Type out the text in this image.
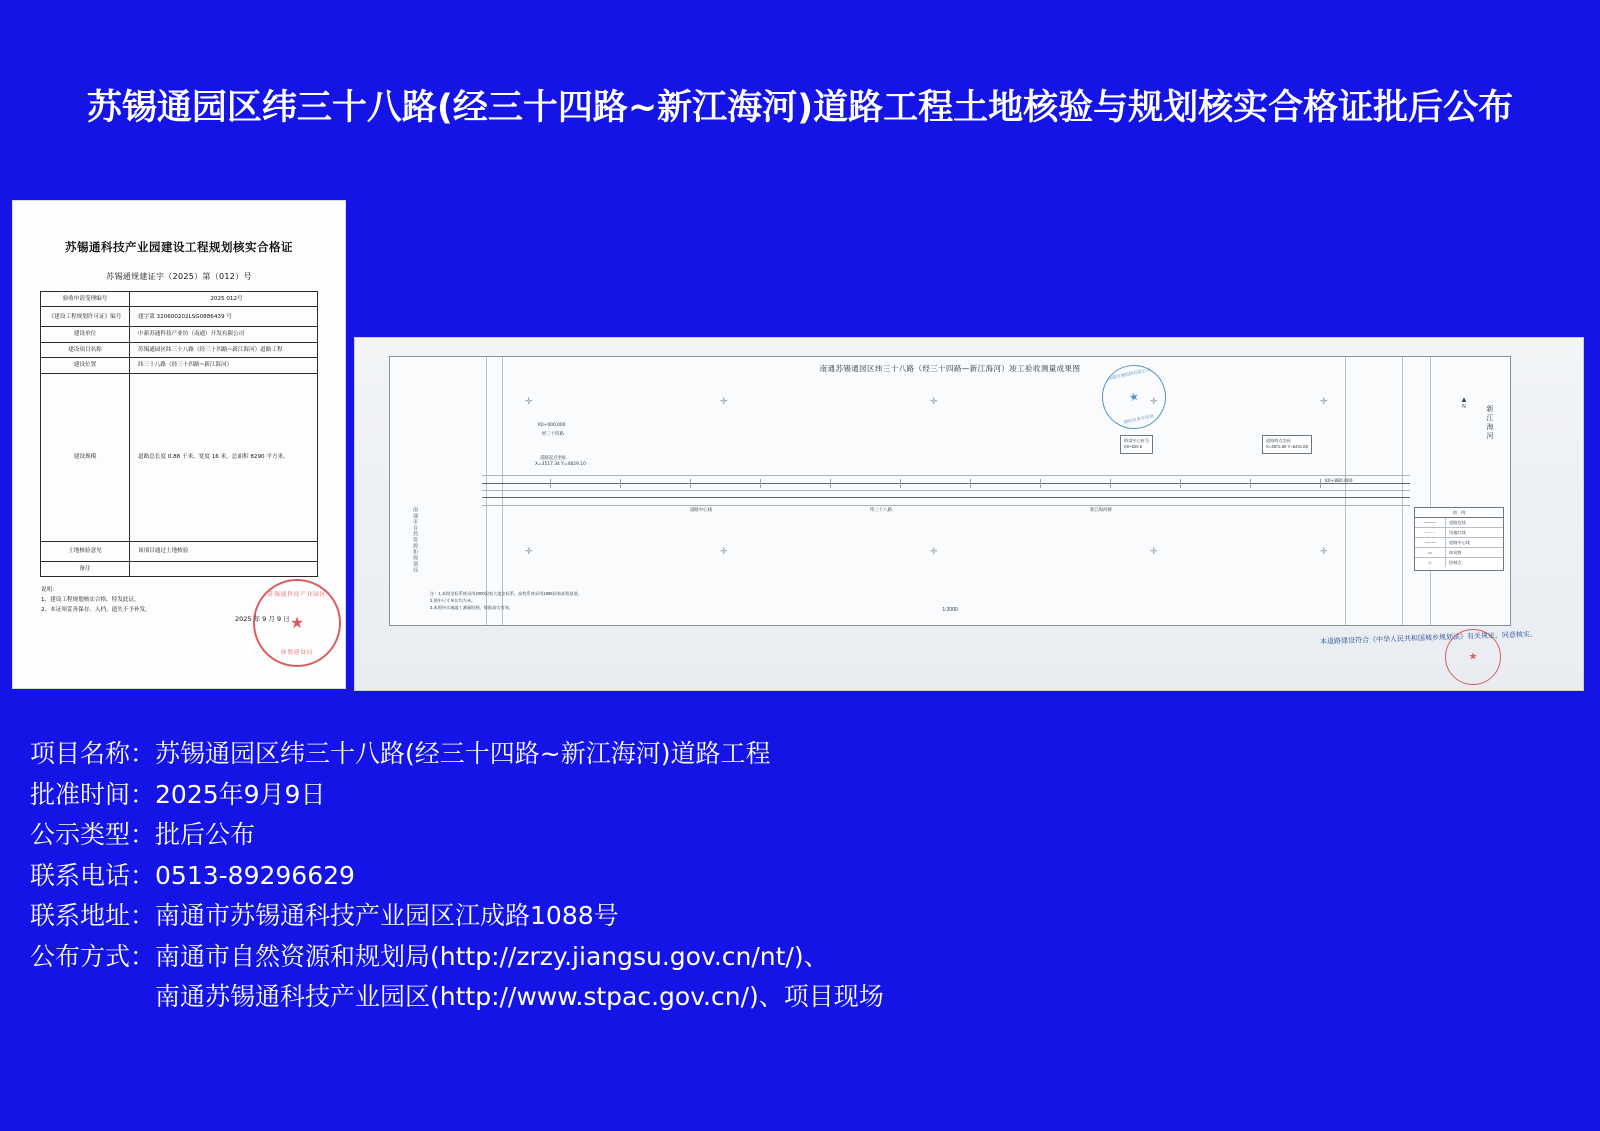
苏锡通园区纬三十八路(经三十四路~新江海河)道路工程土地核验与规划核实合格证批后公布
苏锡通科技产业园建设工程规划核实合格证
苏锡通规建证字（2025）第（012）号
验收申请受理编号	2025 012号
《建设工程规划许可证》编号	建字第 320600202LSG0886439 号
建设单位	中新苏通科技产业坊（南通）开发有限公司
建设项目名称	苏锡通园区纬三十八路（经三十四路~新江海河）道路工程
建设位置	纬三十八路（经三十四路~新江海河）
建设规模	道路总长度 0.88 千米，宽度 16 米，总面积 8290 平方米。
土地核验意见	该项目通过土地核验
备注	
说明：
1、建设工程规划核实合格，特发此证。
2、本证须妥善保存、入档，遗失不予补发。
苏锡通科技产业园区
★
规划建设局
2025 年 9 月 9 日
南通苏锡通园区纬三十八路（经三十四路—新江海河）竣工验收测量成果图
✛	✛	✛	✛	✛
✛	✛	✛	✛	✛
经三十四路
K0+000.000
道路起点坐标
X=3517.34 Y=4829.10
道路中心线	纬三十八路	新江海河桥
桥梁中心桩号
K0+620.5
道路终点坐标
X=3872.60 Y=5441.08
K0+880.000
▲
N	新 江 海 河
图　例
———	道路边线
－－－	用地红线
·—·—	道路中心线
▭	构筑物
◇	控制点
1:2000
南通市自然资源和规划局
注：1.本图坐标系统采用2000国家大地坐标系，高程系统采用1985国家高程基准。
2.图中尺寸单位均为米。
3.本图经实地竣工测量绘制，数据真实有效。
南通市测绘院有限公司
★
测绘成果专用章
★
本道路建设符合《中华人民共和国城乡规划法》有关规定，同意核实。
项目名称：苏锡通园区纬三十八路(经三十四路~新江海河)道路工程
批准时间：2025年9月9日
公示类型：批后公布
联系电话：0513-89296629
联系地址：南通市苏锡通科技产业园区江成路1088号
公布方式：南通市自然资源和规划局(http://zrzy.jiangsu.gov.cn/nt/)、
南通苏锡通科技产业园区(http://www.stpac.gov.cn/)、项目现场
